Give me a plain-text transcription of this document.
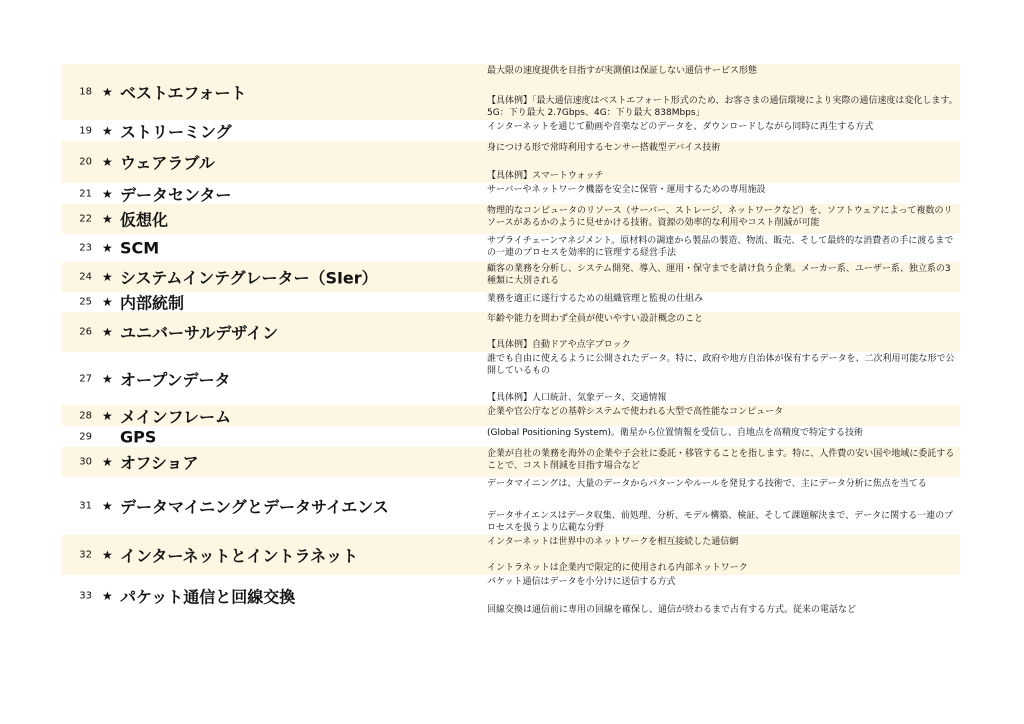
18 ★ ベストエフォート
最大限の速度提供を目指すが実測値は保証しない通信サービス形態
【具体例】「最大通信速度はベストエフォート形式のため、お客さまの通信環境により実際の通信速度は変化します。5G：下り最大 2.7Gbps、4G：下り最大 838Mbps」
19 ★ ストリーミング	インターネットを通じて動画や音楽などのデータを、ダウンロードしながら同時に再生する方式
20 ★ ウェアラブル
身につける形で常時利用するセンサー搭載型デバイス技術
【具体例】スマートウォッチ
21 ★ データセンター	サーバーやネットワーク機器を安全に保管・運用するための専用施設
22 ★ 仮想化	物理的なコンピュータのリソース（サーバー、ストレージ、ネットワークなど）を、ソフトウェアによって複数のリソースがあるかのように見せかける技術。資源の効率的な利用やコスト削減が可能
23 ★ SCM	サプライチェーンマネジメント。原材料の調達から製品の製造、物流、販売、そして最終的な消費者の手に渡るまでの一連のプロセスを効率的に管理する経営手法
24 ★ システムインテグレーター（SIer）	顧客の業務を分析し、システム開発、導入、運用・保守までを請け負う企業。メーカー系、ユーザー系、独立系の3種類に大別される
25 ★ 内部統制	業務を適正に遂行するための組織管理と監視の仕組み
26 ★ ユニバーサルデザイン
年齢や能力を問わず全員が使いやすい設計概念のこと
【具体例】自動ドアや点字ブロック
27 ★ オープンデータ
誰でも自由に使えるように公開されたデータ。特に、政府や地方自治体が保有するデータを、二次利用可能な形で公開しているもの
【具体例】人口統計、気象データ、交通情報
28 ★ メインフレーム	企業や官公庁などの基幹システムで使われる大型で高性能なコンピュータ
29 GPS	(Global Positioning System)。衛星から位置情報を受信し、自地点を高精度で特定する技術
30 ★ オフショア	企業が自社の業務を海外の企業や子会社に委託・移管することを指します。特に、人件費の安い国や地域に委託することで、コスト削減を目指す場合など
31 ★ データマイニングとデータサイエンス
データマイニングは、大量のデータからパターンやルールを発見する技術で、主にデータ分析に焦点を当てる
データサイエンスはデータ収集、前処理、分析、モデル構築、検証、そして課題解決まで、データに関する一連のプロセスを扱うより広範な分野
32 ★ インターネットとイントラネット
インターネットは世界中のネットワークを相互接続した通信網
イントラネットは企業内で限定的に使用される内部ネットワーク
33 ★ パケット通信と回線交換
パケット通信はデータを小分けに送信する方式
回線交換は通信前に専用の回線を確保し、通信が終わるまで占有する方式。従来の電話など
